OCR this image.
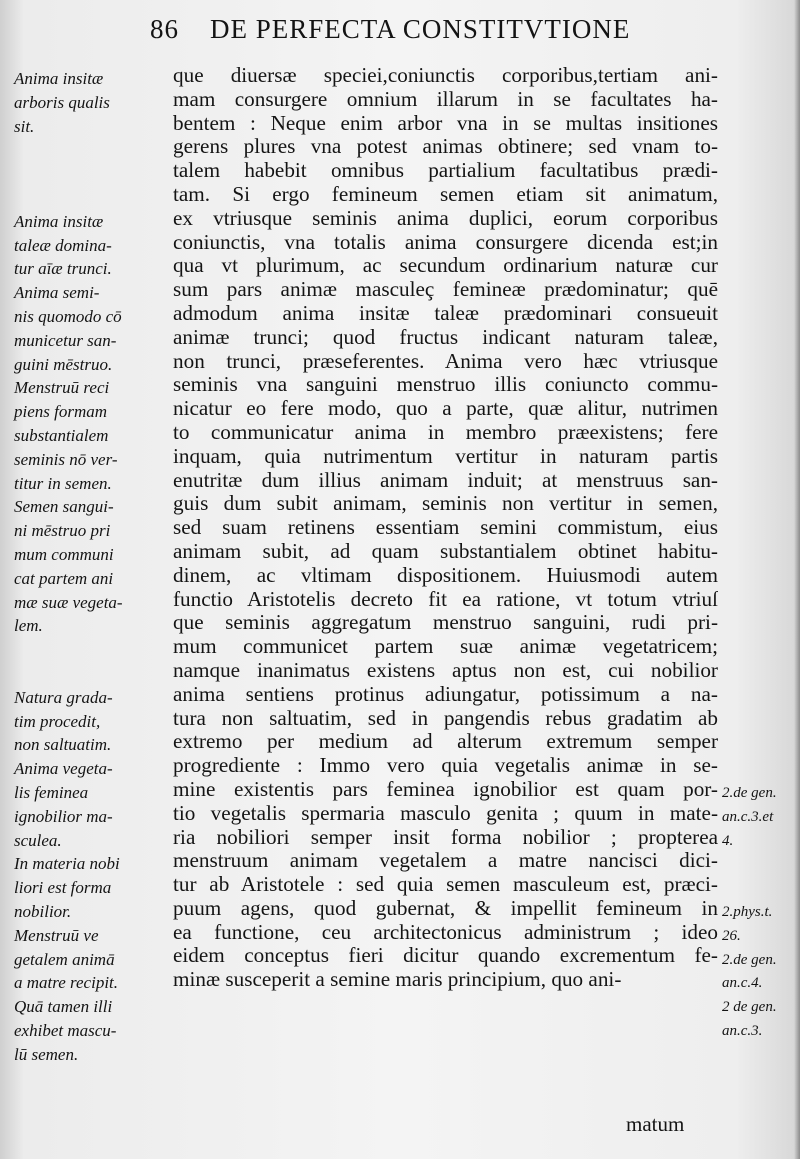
86 DE PERFECTA CONSTITVTIONE
Anima insitæ
arboris qualis
sit.
Anima insitæ
taleæ domina-
tur aīæ trunci.
Anima semi-
nis quomodo cō
municetur san-
guini mēstruo.
Menstruū reci
piens formam
substantialem
seminis nō ver-
titur in semen.
Semen sangui-
ni mēstruo pri
mum communi
cat partem ani
mæ suæ vegeta-
lem.
Natura grada-
tim procedit,
non saltuatim.
Anima vegeta-
lis feminea
ignobilior ma-
sculea.
In materia nobi
liori est forma
nobilior.
Menstruū ve
getalem animā
a matre recipit.
Quā tamen illi
exhibet mascu-
lū semen.
que diuersæ speciei,coniunctis corporibus,tertiam ani-
mam consurgere omnium illarum in se facultates ha-
bentem : Neque enim arbor vna in se multas insitiones
gerens plures vna potest animas obtinere; sed vnam to-
talem habebit omnibus partialium facultatibus prædi-
tam. Si ergo femineum semen etiam sit animatum,
ex vtriusque seminis anima duplici, eorum corporibus
coniunctis, vna totalis anima consurgere dicenda est;in
qua vt plurimum, ac secundum ordinarium naturæ cur
sum pars animæ masculeç femineæ prædominatur; quē
admodum anima insitæ taleæ prædominari consueuit
animæ trunci; quod fructus indicant naturam taleæ,
non trunci, præseferentes. Anima vero hæc vtriusque
seminis vna sanguini menstruo illis coniuncto commu-
nicatur eo fere modo, quo a parte, quæ alitur, nutrimen
to communicatur anima in membro præexistens; fere
inquam, quia nutrimentum vertitur in naturam partis
enutritæ dum illius animam induit; at menstruus san-
guis dum subit animam, seminis non vertitur in semen,
sed suam retinens essentiam semini commistum, eius
animam subit, ad quam substantialem obtinet habitu-
dinem, ac vltimam dispositionem. Huiusmodi autem
functio Aristotelis decreto fit ea ratione, vt totum vtriuſ
que seminis aggregatum menstruo sanguini, rudi pri-
mum communicet partem suæ animæ vegetatricem;
namque inanimatus existens aptus non est, cui nobilior
anima sentiens protinus adiungatur, potissimum a na-
tura non saltuatim, sed in pangendis rebus gradatim ab
extremo per medium ad alterum extremum semper
progrediente : Immo vero quia vegetalis animæ in se-
mine existentis pars feminea ignobilior est quam por-
tio vegetalis spermaria masculo genita ; quum in mate-
ria nobiliori semper insit forma nobilior ; propterea
menstruum animam vegetalem a matre nancisci dici-
tur ab Aristotele : sed quia semen masculeum est, præci-
puum agens, quod gubernat, & impellit femineum in
ea functione, ceu architectonicus administrum ; ideo
eidem conceptus fieri dicitur quando excrementum fe-
minæ susceperit a semine maris principium, quo ani-
2.de gen.
an.c.3.et
4.
2.phys.t.
26.
2.de gen.
an.c.4.
2 de gen.
an.c.3.
matum
